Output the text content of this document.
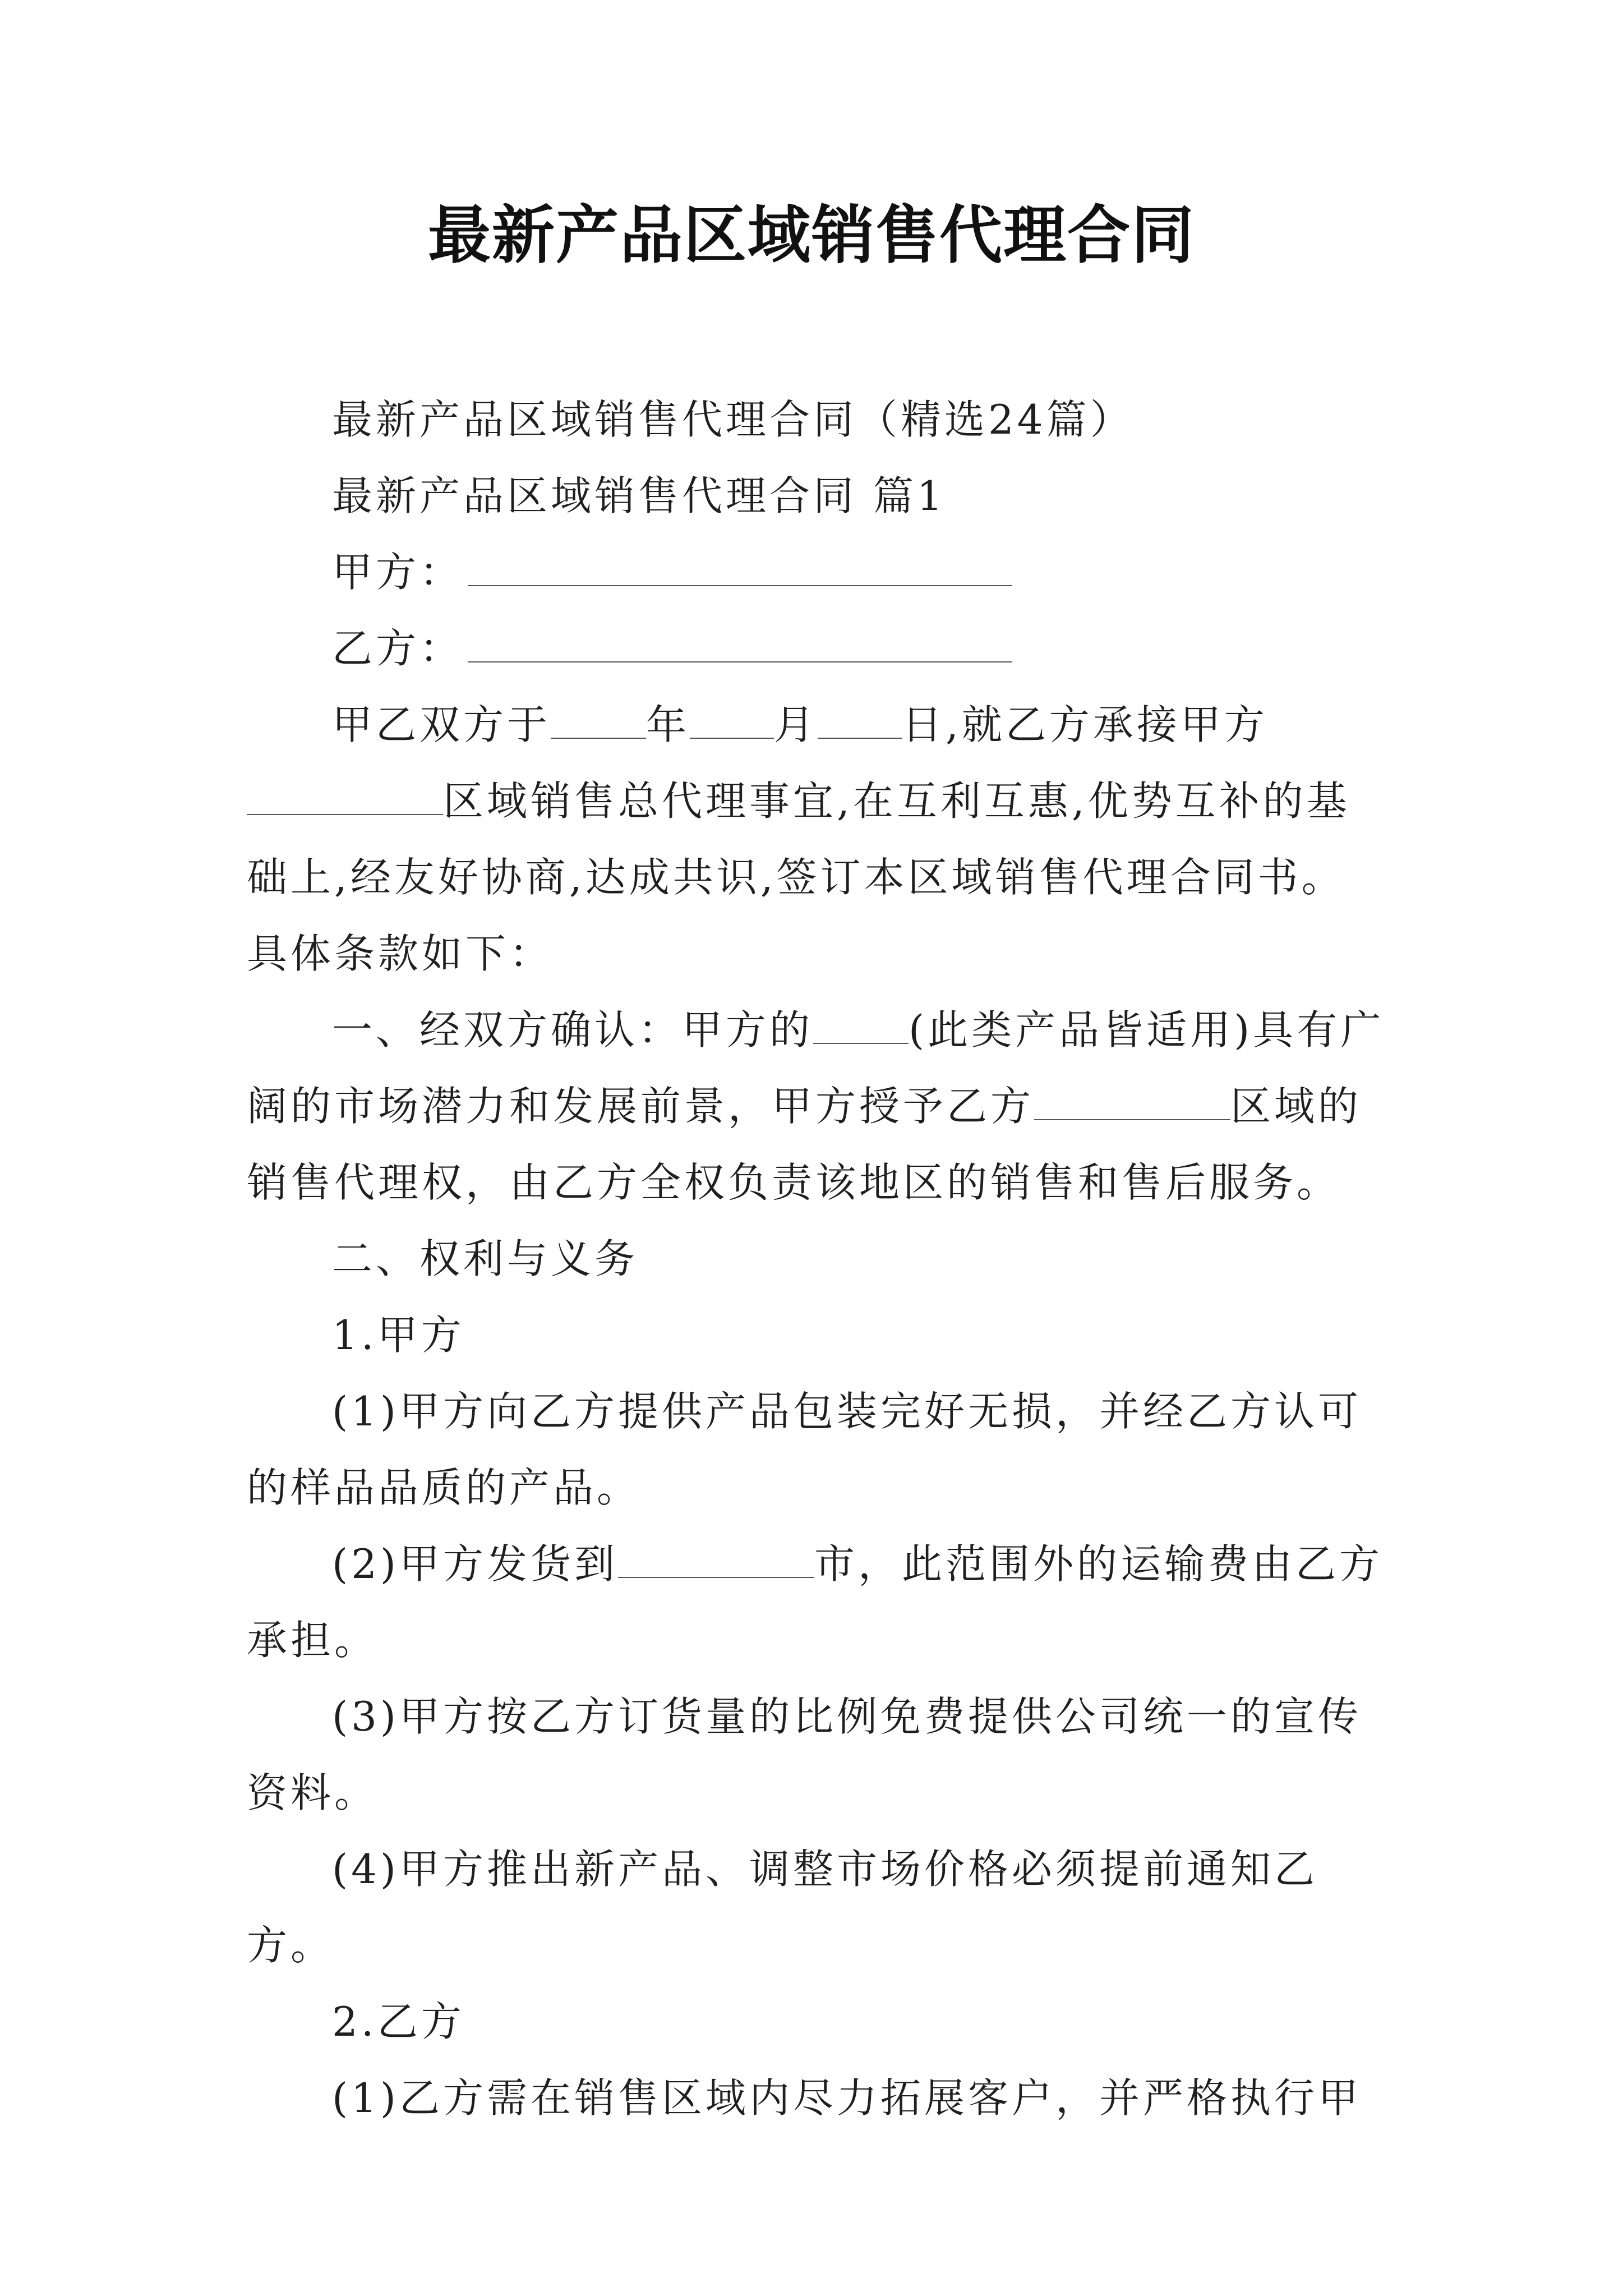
最新产品区域销售代理合同

最新产品区域销售代理合同（精选24篇）

最新产品区域销售代理合同 篇1

甲方：

乙方：

甲乙双方于 年 月 日,就乙方承接甲方区域销售总代理事宜,在互利互惠,优势互补的基础上,经友好协商,达成共识,签订本区域销售代理合同书。具体条款如下：

一、经双方确认：甲方的 (此类产品皆适用)具有广阔的市场潜力和发展前景，甲方授予乙方	区域的销售代理权，由乙方全权负责该地区的销售和售后服务。

二、权利与义务

1.甲方

(1)甲方向乙方提供产品包装完好无损，并经乙方认可的样品品质的产品。

(2)甲方发货到	市，此范围外的运输费由乙方承担。

(3)甲方按乙方订货量的比例免费提供公司统一的宣传资料。

(4)甲方推出新产品、调整市场价格必须提前通知乙方。

2.乙方

(1)乙方需在销售区域内尽力拓展客户，并严格执行甲
